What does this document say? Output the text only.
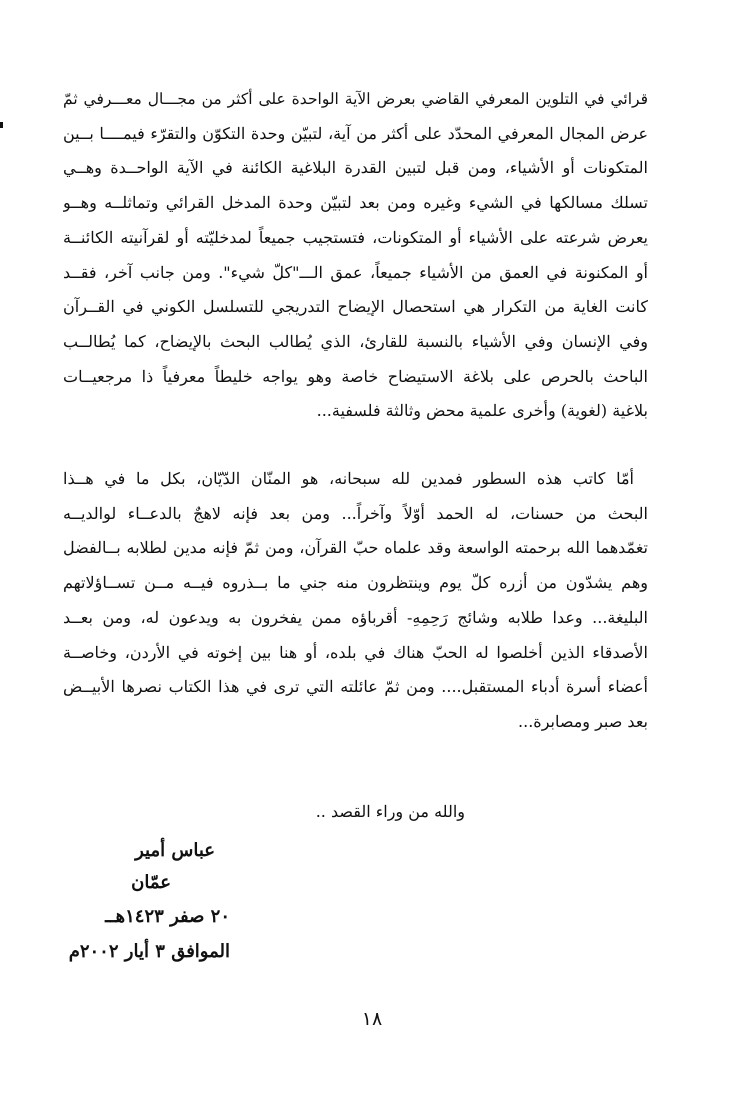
قرائي في التلوين المعرفي القاضي بعرض الآية الواحدة على أكثر من مجـــال معـــرفي ثمّ
عرض المجال المعرفي المحدّد على أكثر من آية، لتبيّن وحدة التكوّن والتقرّء فيمــــا بــين
المتكونات أو الأشياء، ومن قبل لتبين القدرة البلاغية الكائنة في الآية الواحــدة وهــي
تسلك مسالكها في الشيء وغيره ومن بعد لتبيّن وحدة المدخل القرائي وتماثلــه وهــو
يعرض شرعته على الأشياء أو المتكونات، فتستجيب جميعاً لمدخليّته أو لقرآنيته الكائنــة
أو المكنونة في العمق من الأشياء جميعاً، عمق الـــ"كلّ شيء". ومن جانب آخر، فقــد
كانت الغاية من التكرار هي استحصال الإيضاح التدريجي للتسلسل الكوني في القــرآن
وفي الإنسان وفي الأشياء بالنسبة للقارئ، الذي يُطالب البحث بالإيضاح، كما يُطالــب
الباحث بالحرص على بلاغة الاستيضاح خاصة وهو يواجه خليطاً معرفياً ذا مرجعيــات
بلاغية (لغوية) وأخرى علمية محض وثالثة فلسفية...
أمّا كاتب هذه السطور فمدين لله سبحانه، هو المنّان الدّيّان، بكل ما في هــذا
البحث من حسنات، له الحمد أوّلاً وآخراً... ومن بعد فإنه لاهجٌ بالدعــاء لوالديــه
تغمّدهما الله برحمته الواسعة وقد علماه حبّ القرآن، ومن ثمّ فإنه مدين لطلابه بــالفضل
وهم يشدّون من أزره كلّ يوم وينتظرون منه جني ما بــذروه فيــه مــن تســاؤلاتهم
البليغة... وعدا طلابه وشائج رَحِمِهِ- أقرباؤه ممن يفخرون به ويدعون له، ومن بعــد
الأصدقاء الذين أخلصوا له الحبّ هناك في بلده، أو هنا بين إخوته في الأردن، وخاصــة
أعضاء أسرة أدباء المستقبل.... ومن ثمّ عائلته التي ترى في هذا الكتاب نصرها الأبيــض
بعد صبر ومصابرة...
والله من وراء القصد ..
عباس أمير
عمّان
٢٠ صفر ١٤٢٣هــ
الموافق ٣ أيار ٢٠٠٢م
١٨
